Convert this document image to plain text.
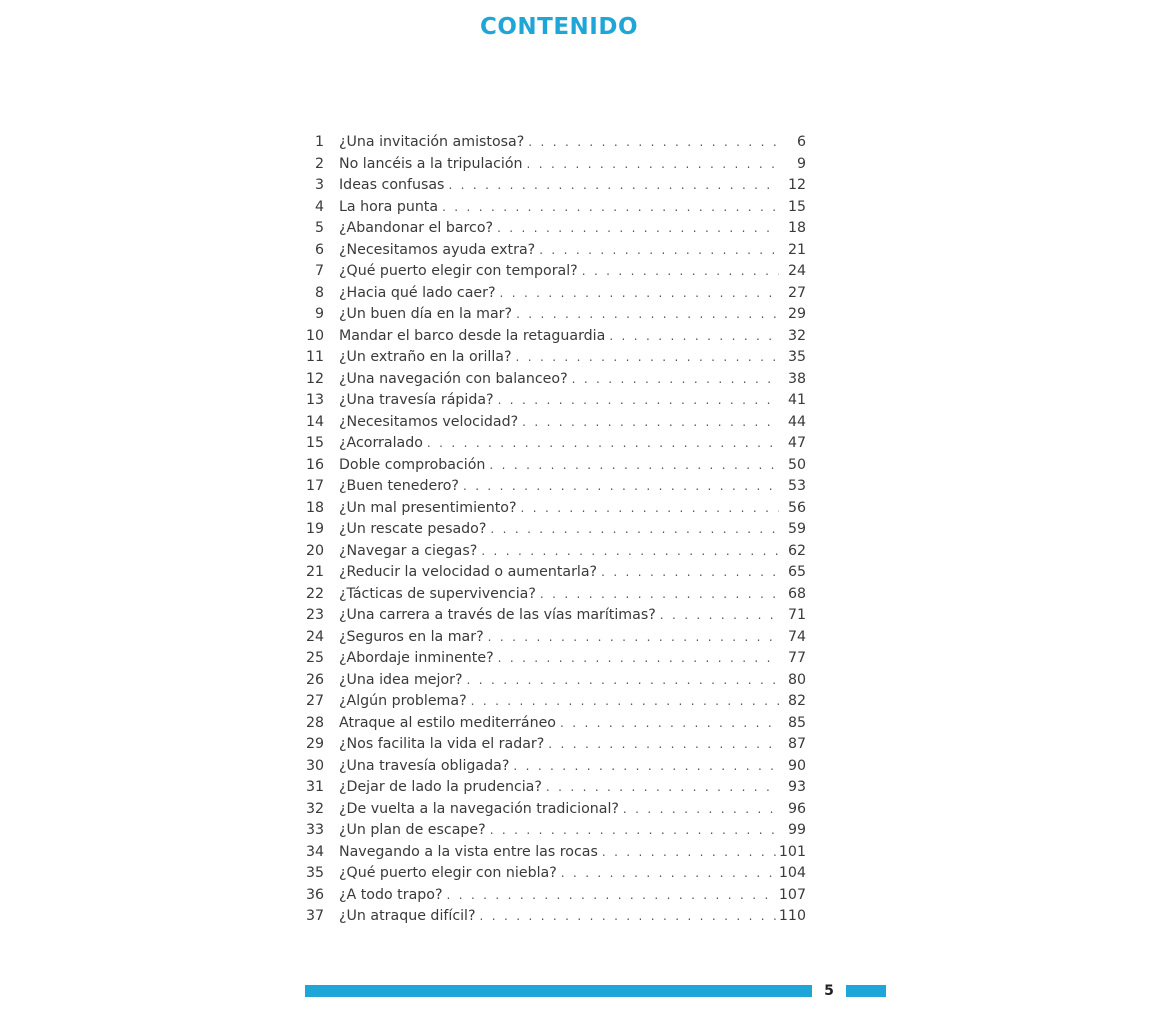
CONTENIDO
1 ¿Una invitación amistosa? . . .	6
2 No lancéis a la tripulación . . .	9
3 Ideas confusas . . .	12
4 La hora punta . . .	15
5 ¿Abandonar el barco? . . .	18
6 ¿Necesitamos ayuda extra? . . .	21
7 ¿Qué puerto elegir con temporal? . . .	24
8 ¿Hacia qué lado caer? . . .	27
9 ¿Un buen día en la mar? . . .	29
10 Mandar el barco desde la retaguardia . . .	32
11 ¿Un extraño en la orilla? . . .	35
12 ¿Una navegación con balanceo? . . .	38
13 ¿Una travesía rápida? . . .	41
14 ¿Necesitamos velocidad? . . .	44
15 ¿Acorralado . . .	47
16 Doble comprobación . . .	50
17 ¿Buen tenedero? . . .	53
18 ¿Un mal presentimiento? . . .	56
19 ¿Un rescate pesado? . . .	59
20 ¿Navegar a ciegas? . . .	62
21 ¿Reducir la velocidad o aumentarla? . . .	65
22 ¿Tácticas de supervivencia? . . .	68
23 ¿Una carrera a través de las vías marítimas? . . .	71
24 ¿Seguros en la mar? . . .	74
25 ¿Abordaje inminente? . . .	77
26 ¿Una idea mejor? . . .	80
27 ¿Algún problema? . . .	82
28 Atraque al estilo mediterráneo . . .	85
29 ¿Nos facilita la vida el radar? . . .	87
30 ¿Una travesía obligada? . . .	90
31 ¿Dejar de lado la prudencia? . . .	93
32 ¿De vuelta a la navegación tradicional? . . .	96
33 ¿Un plan de escape? . . .	99
34 Navegando a la vista entre las rocas . . .	101
35 ¿Qué puerto elegir con niebla? . . .	104
36 ¿A todo trapo? . . .	107
37 ¿Un atraque difícil? . . .	110
5
